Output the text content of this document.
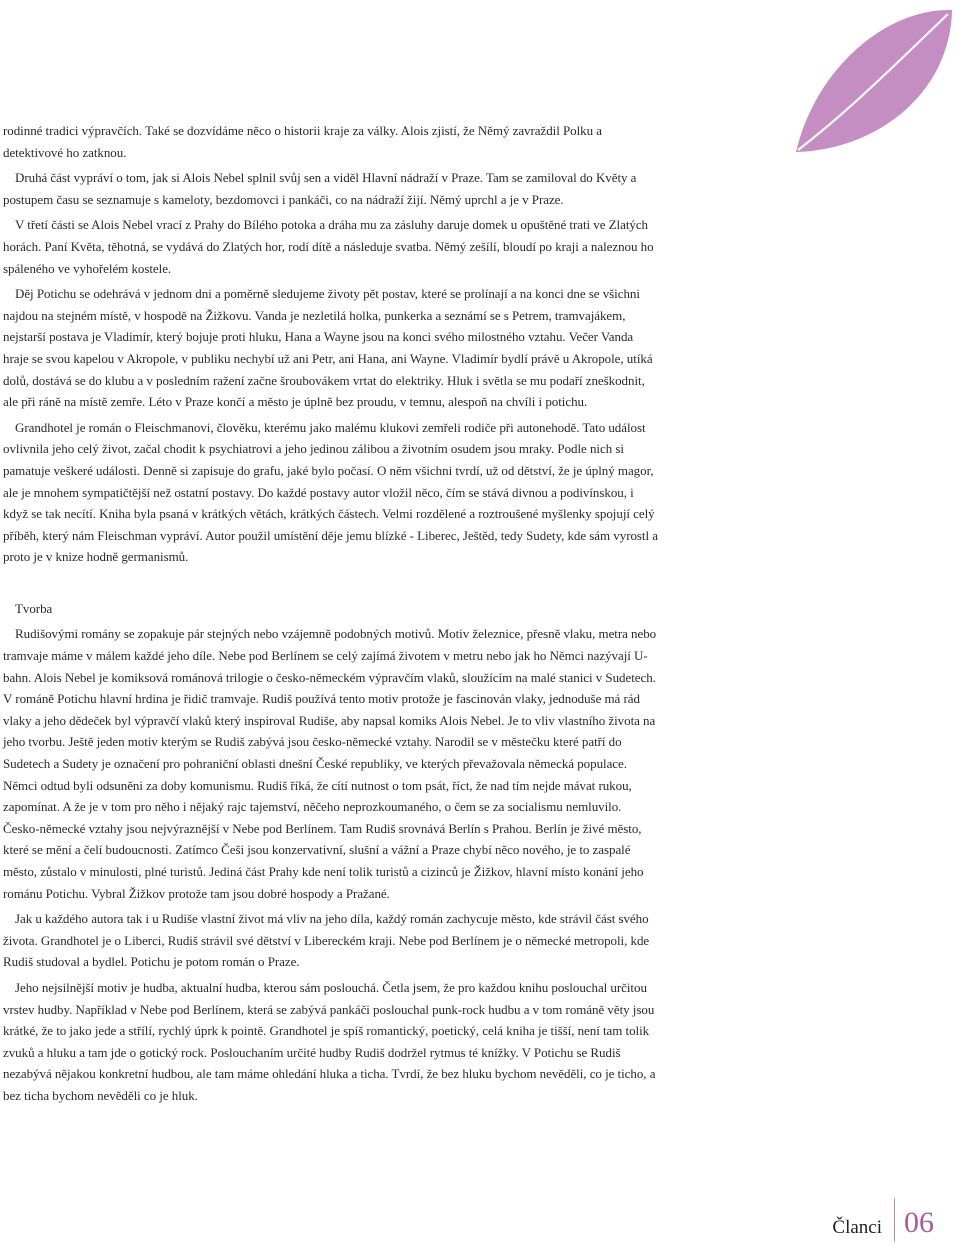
rodinné tradici výpravčích. Také se dozvídáme něco o historii kraje za války. Alois zjistí, že Němý zavraždil Polku a detektivové ho zatknou.

Druhá část vypráví o tom, jak si Alois Nebel splnil svůj sen a viděl Hlavní nádraží v Praze. Tam se zamiloval do Květy a postupem času se seznamuje s kameloty, bezdomovci i pankáči, co na nádraží žijí. Němý uprchl a je v Praze.

V třetí části se Alois Nebel vrací z Prahy do Bílého potoka a dráha mu za zásluhy daruje domek u opuštěné trati ve Zlatých horách. Paní Květa, těhotná, se vydává do Zlatých hor, rodí dítě a následuje svatba. Němý zešílí, bloudí po kraji a naleznou ho spáleného ve vyhořelém kostele.

Děj Potichu se odehrává v jednom dni a poměrně sledujeme životy pět postav, které se prolínají a na konci dne se všichni najdou na stejném místě, v hospodě na Žižkovu. Vanda je nezletilá holka, punkerka a seznámí se s Petrem, tramvajákem, nejstarší postava je Vladimír, který bojuje proti hluku, Hana a Wayne jsou na konci svého milostného vztahu. Večer Vanda hraje se svou kapelou v Akropole, v publiku nechybí už ani Petr, ani Hana, ani Wayne. Vladimír bydlí právě u Akropole, utíká dolů, dostává se do klubu a v posledním ražení začne šroubovákem vrtat do elektriky. Hluk i světla se mu podaří zneškodnit, ale při ráně na místě zemře. Léto v Praze končí a město je úplně bez proudu, v temnu, alespoň na chvíli i potichu.

Grandhotel je román o Fleischmanovi, člověku, kterému jako malému klukovi zemřeli rodiče při autonehodě. Tato událost ovlivnila jeho celý život, začal chodit k psychiatrovi a jeho jedinou zálibou a životním osudem jsou mraky. Podle nich si pamatuje veškeré události. Denně si zapisuje do grafu, jaké bylo počasí. O něm všichni tvrdí, už od dětství, že je úplný magor, ale je mnohem sympatičtější než ostatní postavy. Do každé postavy autor vložil něco, čím se stává divnou a podivínskou, i když se tak necítí. Kniha byla psaná v krátkých větách, krátkých částech. Velmi rozdělené a roztroušené myšlenky spojují celý příběh, který nám Fleischman vypráví. Autor použil umístění děje jemu blízké - Liberec, Ještěd, tedy Sudety, kde sám vyrostl a proto je v knize hodně germanismů.

Tvorba

Rudišovými romány se zopakuje pár stejných nebo vzájemně podobných motivů. Motiv železnice, přesně vlaku, metra nebo tramvaje máme v málem každé jeho díle. Nebe pod Berlínem se celý zajímá životem v metru nebo jak ho Němci nazývají U-bahn. Alois Nebel je komiksová románová trilogie o česko-německém výpravčím vlaků, sloužícím na malé stanici v Sudetech. V románě Potichu hlavní hrdina je řidič tramvaje. Rudiš používá tento motiv protože je fascinován vlaky, jednoduše má rád vlaky a jeho dědeček byl výpravčí vlaků který inspiroval Rudiše, aby napsal komiks Alois Nebel. Je to vliv vlastního života na jeho tvorbu. Ještě jeden motiv kterým se Rudiš zabývá jsou česko-německé vztahy. Narodil se v městečku které patří do Sudetech a Sudety je označení pro pohraniční oblasti dnešní České republiky, ve kterých převažovala německá populace. Němci odtud byli odsuněni za doby komunismu. Rudiš říká, že cítí nutnost o tom psát, říct, že nad tím nejde mávat rukou, zapomínat. A že je v tom pro něho i nějaký rajc tajemství, něčeho neprozkoumaného, o čem se za socialismu nemluvilo. Česko-německé vztahy jsou nejvýraznější v Nebe pod Berlínem. Tam Rudiš srovnává Berlín s Prahou. Berlín je živé město, které se mění a čelí budoucnosti. Zatímco Češi jsou konzervativní, slušní a vážní a Praze chybí něco nového, je to zaspalé město, zůstalo v minulosti, plné turistů. Jediná část Prahy kde není tolik turistů a cizinců je Žižkov, hlavní místo konání jeho románu Potichu. Vybral Žižkov protože tam jsou dobré hospody a Pražané.

Jak u každého autora tak i u Rudiše vlastní život má vliv na jeho díla, každý román zachycuje město, kde strávil část svého života. Grandhotel je o Liberci, Rudiš strávil své dětství v Libereckém kraji. Nebe pod Berlínem je o německé metropoli, kde Rudiš studoval a bydlel. Potichu je potom román o Praze.

Jeho nejsilnější motiv je hudba, aktualní hudba, kterou sám poslouchá. Četla jsem, že pro každou knihu poslouchal určitou vrstev hudby. Například v Nebe pod Berlínem, která se zabývá pankáči poslouchal punk-rock hudbu a v tom románě věty jsou krátké, že to jako jede a střílí, rychlý úprk k pointě. Grandhotel je spíš romantický, poetický, celá kniha je tišší, není tam tolik zvuků a hluku a tam jde o gotický rock. Poslouchaním určité hudby Rudiš dodržel rytmus té knížky. V Potichu se Rudiš nezabývá nějakou konkretní hudbou, ale tam máme ohledání hluka a ticha. Tvrdí, že bez hluku bychom nevěděli, co je ticho, a bez ticha bychom nevěděli co je hluk.

Članci 06
